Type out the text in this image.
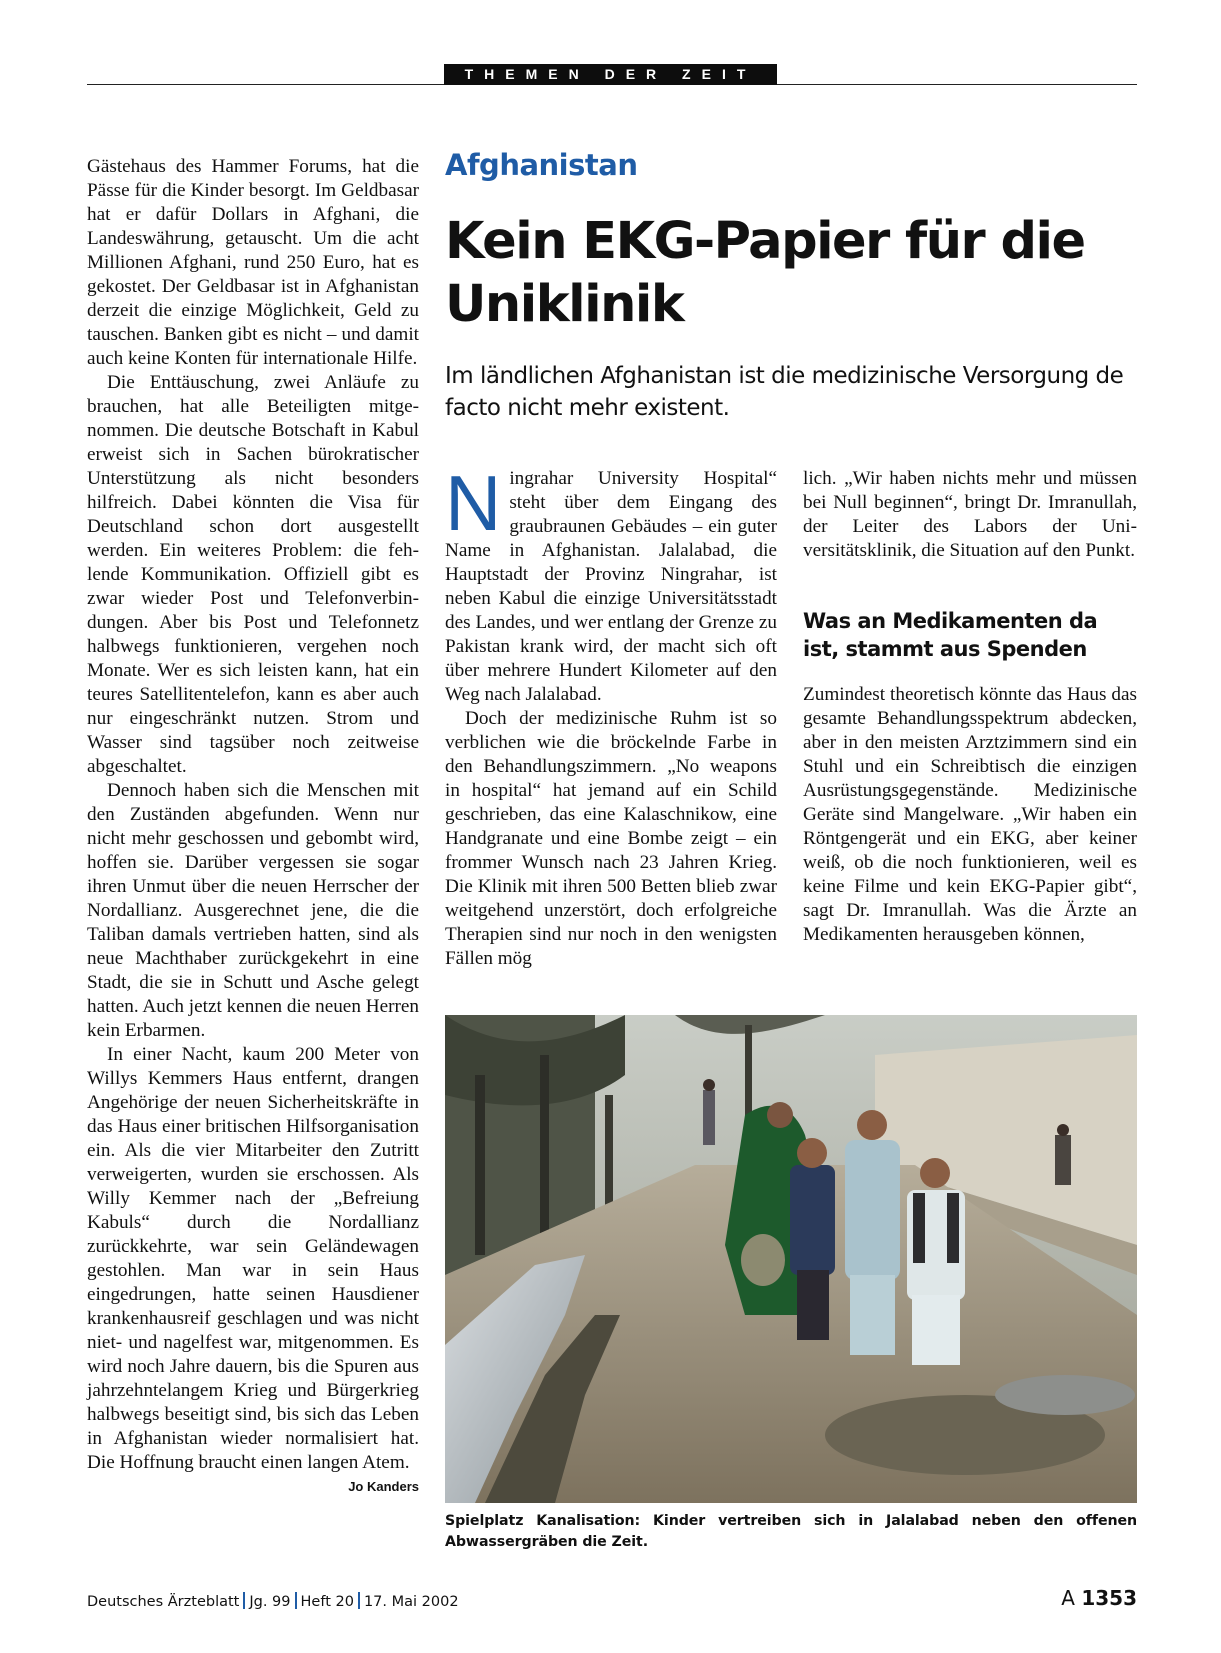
THEMEN DER ZEIT

Gästehaus des Hammer Forums, hat die Pässe für die Kinder besorgt. Im Geldbasar hat er dafür Dollars in Afghani, die Landeswährung, getauscht. Um die acht Millionen Afghani, rund 250 Euro, hat es gekostet. Der Geldbasar ist in Afghanistan derzeit die einzige Möglichkeit, Geld zu tauschen. Banken gibt es nicht – und damit auch keine Konten für internationale Hilfe.

Die Enttäuschung, zwei Anläufe zu brauchen, hat alle Beteiligten mitgenommen. Die deutsche Botschaft in Kabul erweist sich in Sachen bürokratischer Unterstützung als nicht besonders hilfreich. Dabei könnten die Visa für Deutschland schon dort ausgestellt werden. Ein weiteres Problem: die fehlende Kommunikation. Offiziell gibt es zwar wieder Post und Telefonverbindungen. Aber bis Post und Telefonnetz halbwegs funktionieren, vergehen noch Monate. Wer es sich leisten kann, hat ein teures Satellitentelefon, kann es aber auch nur eingeschränkt nutzen. Strom und Wasser sind tagsüber noch zeitweise abgeschaltet.

Dennoch haben sich die Menschen mit den Zuständen abgefunden. Wenn nur nicht mehr geschossen und gebombt wird, hoffen sie. Darüber vergessen sie sogar ihren Unmut über die neuen Herrscher der Nordallianz. Ausgerechnet jene, die die Taliban damals vertrieben hatten, sind als neue Machthaber zurückgekehrt in eine Stadt, die sie in Schutt und Asche gelegt hatten. Auch jetzt kennen die neuen Herren kein Erbarmen.

In einer Nacht, kaum 200 Meter von Willys Kemmers Haus entfernt, drangen Angehörige der neuen Sicherheitskräfte in das Haus einer britischen Hilfsorganisation ein. Als die vier Mitarbeiter den Zutritt verweigerten, wurden sie erschossen. Als Willy Kemmer nach der „Befreiung Kabuls“ durch die Nordallianz zurückkehrte, war sein Geländewagen gestohlen. Man war in sein Haus eingedrungen, hatte seinen Hausdiener krankenhausreif geschlagen und was nicht niet- und nagelfest war, mitgenommen. Es wird noch Jahre dauern, bis die Spuren aus jahrzehntelangem Krieg und Bürgerkrieg halbwegs beseitigt sind, bis sich das Leben in Afghanistan wieder normalisiert hat. Die Hoffnung braucht einen langen Atem.
Jo Kanders

Afghanistan
Kein EKG-Papier für die Uniklinik

Im ländlichen Afghanistan ist die medizinische Versorgung de facto nicht mehr existent.

Ningrahar University Hospital“ steht über dem Eingang des graubraunen Gebäudes – ein guter Name in Afghanistan. Jalalabad, die Hauptstadt der Provinz Ningrahar, ist neben Kabul die einzige Universitätsstadt des Landes, und wer entlang der Grenze zu Pakistan krank wird, der macht sich oft über mehrere Hundert Kilometer auf den Weg nach Jalalabad.

Doch der medizinische Ruhm ist so verblichen wie die bröckelnde Farbe in den Behandlungszimmern. „No weapons in hospital“ hat jemand auf ein Schild geschrieben, das eine Kalaschnikow, eine Handgranate und eine Bombe zeigt – ein frommer Wunsch nach 23 Jahren Krieg. Die Klinik mit ihren 500 Betten blieb zwar weitgehend unzerstört, doch erfolgreiche Therapien sind nur noch in den wenigsten Fällen mög

lich. „Wir haben nichts mehr und müssen bei Null beginnen“, bringt Dr. Imranullah, der Leiter des Labors der Universitätsklinik, die Situation auf den Punkt.

Was an Medikamenten da ist, stammt aus Spenden

Zumindest theoretisch könnte das Haus das gesamte Behandlungsspektrum abdecken, aber in den meisten Arztzimmern sind ein Stuhl und ein Schreibtisch die einzigen Ausrüstungsgegenstände. Medizinische Geräte sind Mangelware. „Wir haben ein Röntgengerät und ein EKG, aber keiner weiß, ob die noch funktionieren, weil es keine Filme und kein EKG-Papier gibt“, sagt Dr. Imranullah. Was die Ärzte an Medikamenten herausgeben können,

Spielplatz Kanalisation: Kinder vertreiben sich in Jalalabad neben den offenen Abwassergräben die Zeit.
Deutsches Ärzteblatt Jg. 99 Heft 20 17. Mai 2002	A 1353
